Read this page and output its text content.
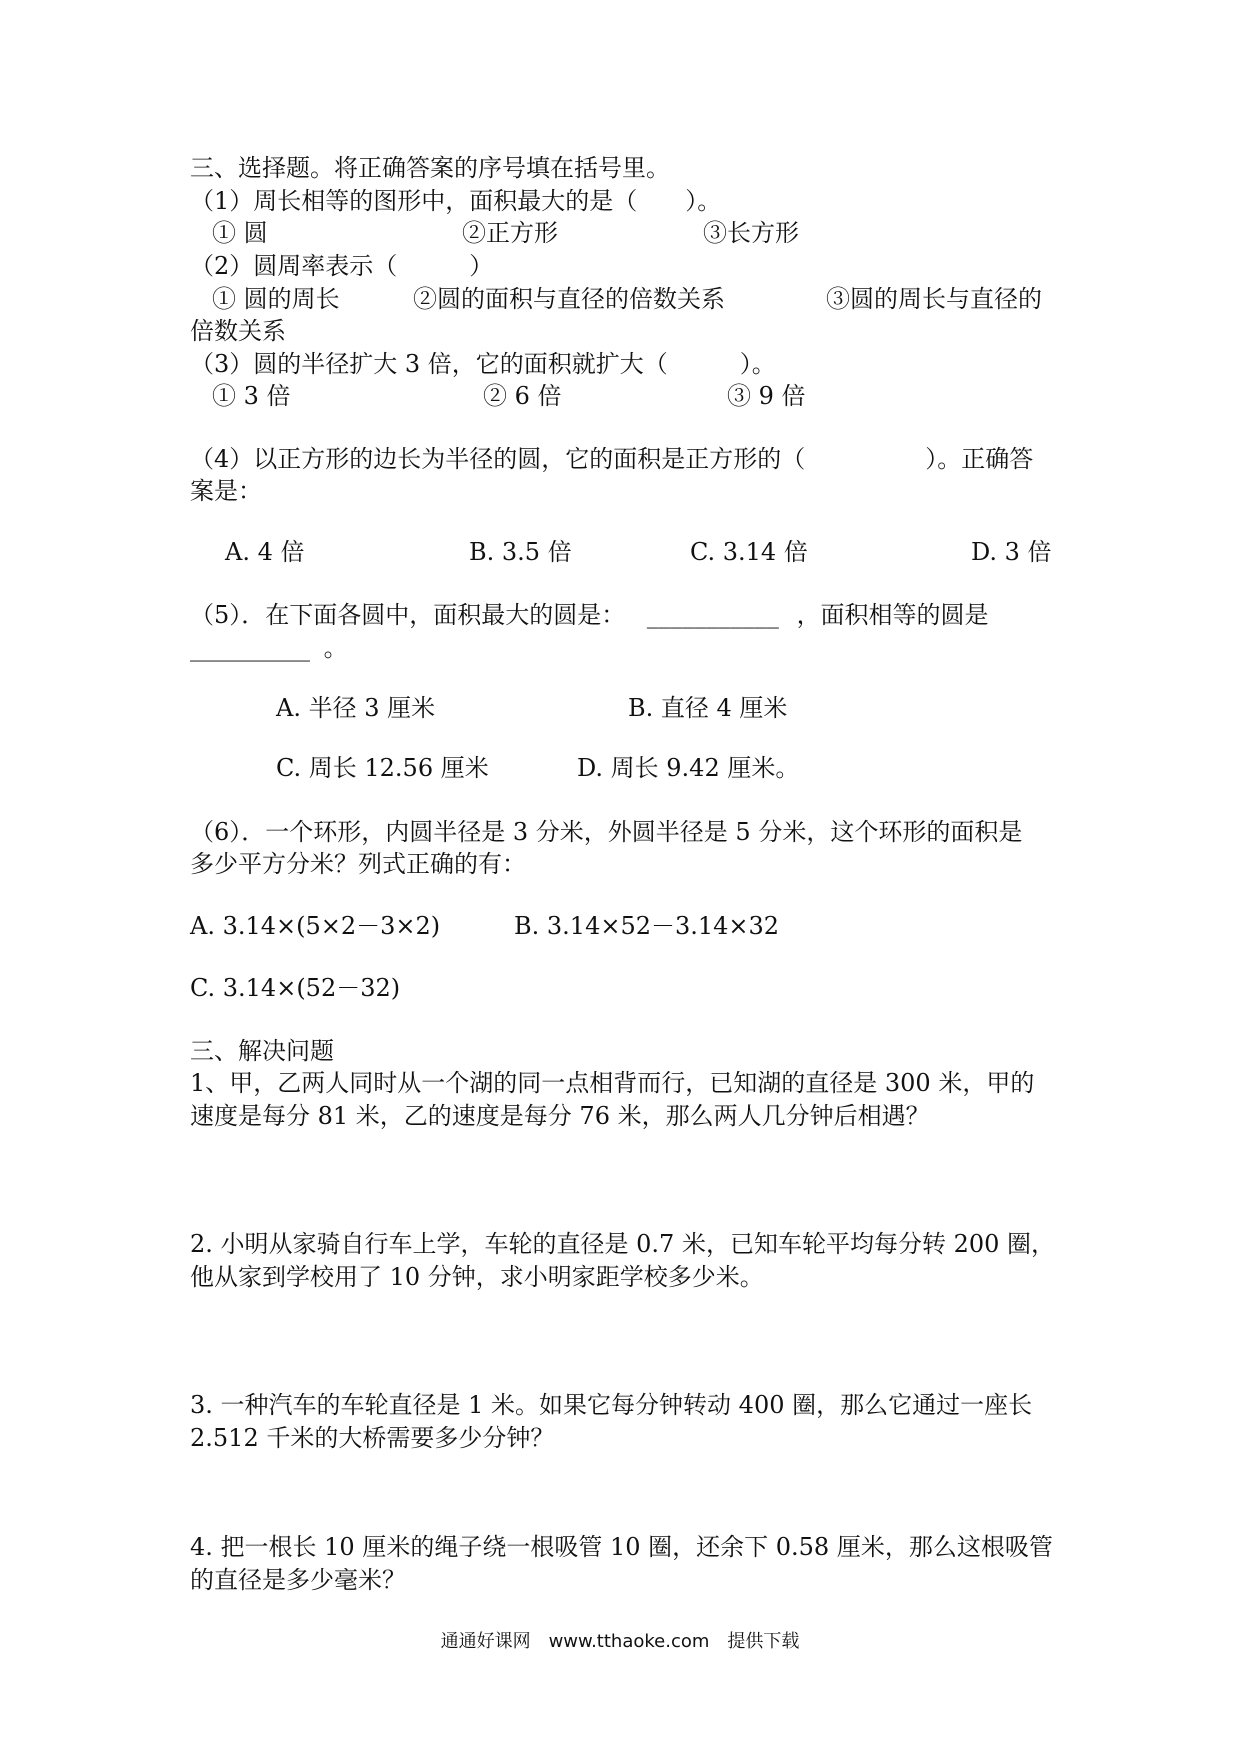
三、选择题。将正确答案的序号填在括号里。
（1）周长相等的图形中，面积最大的是（　　）。
① 圆	②正方形	③长方形
（2）圆周率表示（　　　）
① 圆的周长	②圆的面积与直径的倍数关系	③圆的周长与直径的
倍数关系
（3）圆的半径扩大 3 倍，它的面积就扩大（　　　）。
① 3 倍	② 6 倍	③ 9 倍
（4）以正方形的边长为半径的圆，它的面积是正方形的（　　　　　）。正确答
案是：
A. 4 倍	B. 3.5 倍	C. 3.14 倍	D. 3 倍
（5）．在下面各圆中，面积最大的圆是： ___________ ，面积相等的圆是
__________ 。
A. 半径 3 厘米	B. 直径 4 厘米
C. 周长 12.56 厘米	D. 周长 9.42 厘米。
（6）．一个环形，内圆半径是 3 分米，外圆半径是 5 分米，这个环形的面积是
多少平方分米？列式正确的有：
A. 3.14×(5×2－3×2)	B. 3.14×52－3.14×32
C. 3.14×(52－32)
三、解决问题
1、甲，乙两人同时从一个湖的同一点相背而行，已知湖的直径是 300 米，甲的
速度是每分 81 米，乙的速度是每分 76 米，那么两人几分钟后相遇？
2. 小明从家骑自行车上学，车轮的直径是 0.7 米，已知车轮平均每分转 200 圈，
他从家到学校用了 10 分钟，求小明家距学校多少米。
3. 一种汽车的车轮直径是 1 米。如果它每分钟转动 400 圈，那么它通过一座长
2.512 千米的大桥需要多少分钟？
4. 把一根长 10 厘米的绳子绕一根吸管 10 圈，还余下 0.58 厘米，那么这根吸管
的直径是多少毫米？
通通好课网　www.tthaoke.com　提供下载
